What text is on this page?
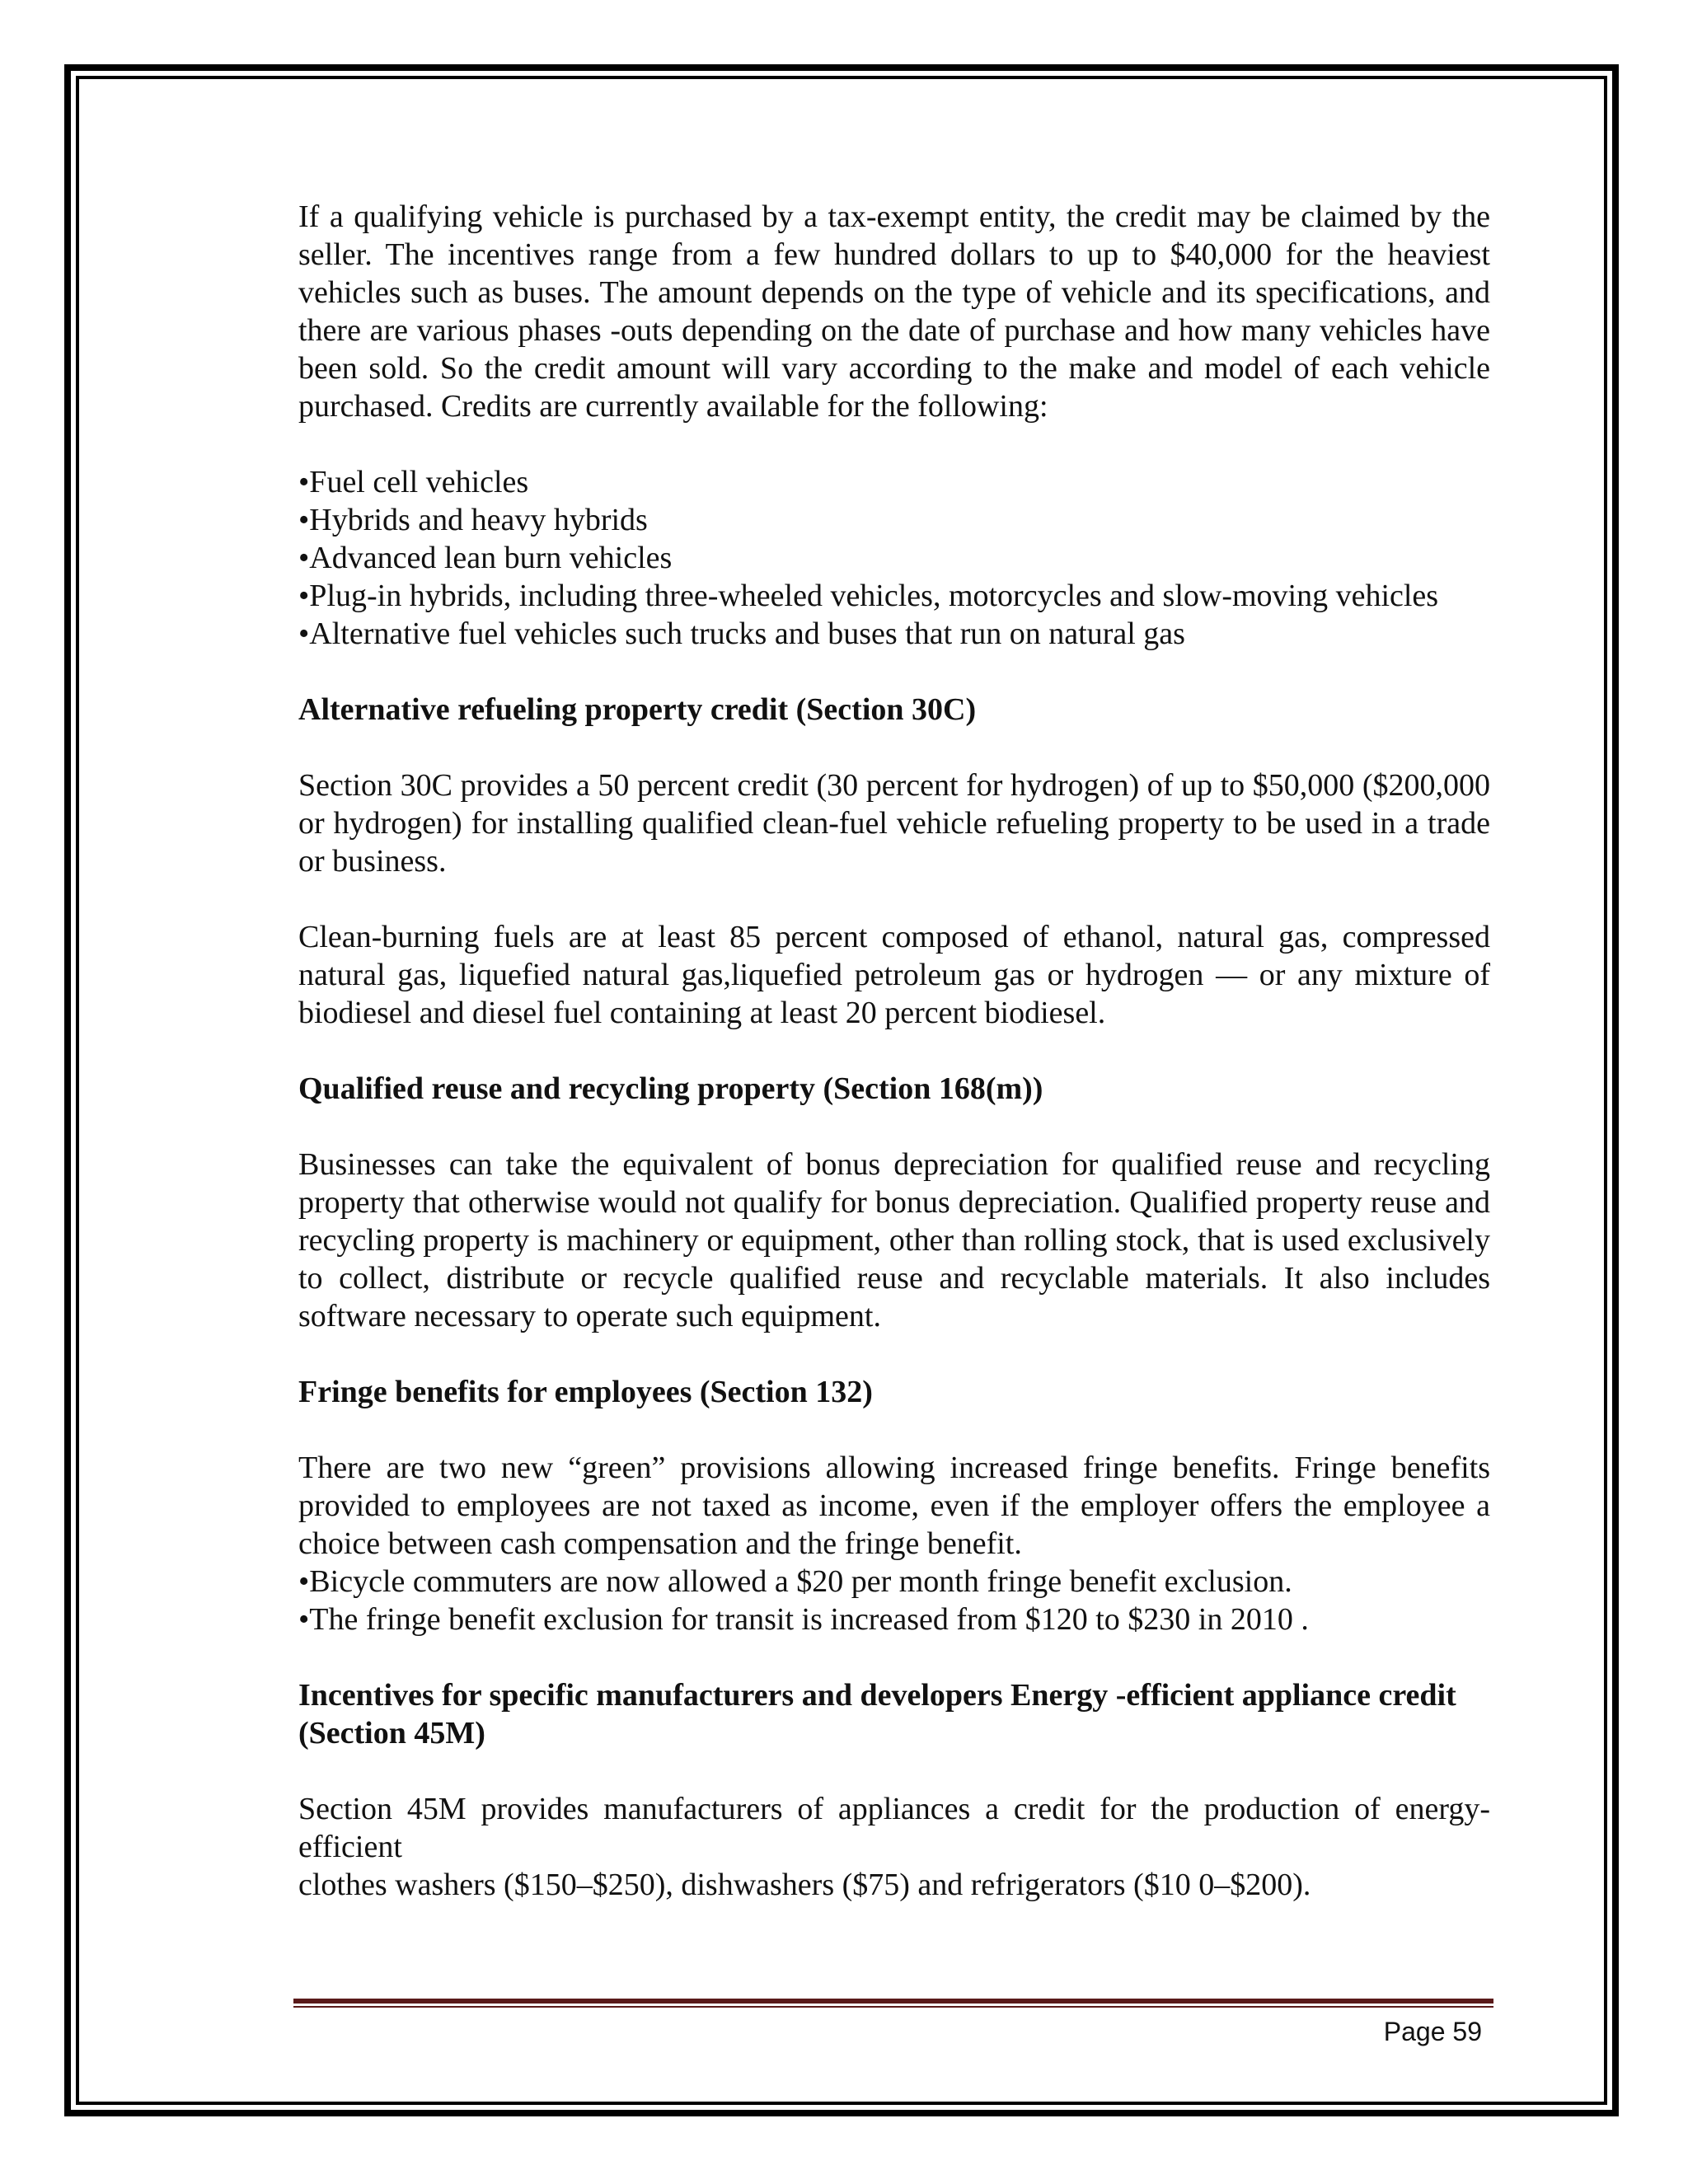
If a qualifying vehicle is purchased by a tax-exempt entity, the credit may be claimed by the seller. The incentives range from a few hundred dollars to up to $40,000 for the heaviest vehicles such as buses. The amount depends on the type of vehicle and its specifications, and there are various phases -outs depending on the date of purchase and how many vehicles have been sold. So the credit amount will vary according to the make and model of each vehicle purchased. Credits are currently available for the following:

•Fuel cell vehicles
•Hybrids and heavy hybrids
•Advanced lean burn vehicles
•Plug-in hybrids, including three-wheeled vehicles, motorcycles and slow-moving vehicles
•Alternative fuel vehicles such trucks and buses that run on natural gas

Alternative refueling property credit (Section 30C)

Section 30C provides a 50 percent credit (30 percent for hydrogen) of up to $50,000 ($200,000 or hydrogen) for installing qualified clean-fuel vehicle refueling property to be used in a trade or business.

Clean-burning fuels are at least 85 percent composed of ethanol, natural gas, compressed natural gas, liquefied natural gas,liquefied petroleum gas or hydrogen — or any mixture of biodiesel and diesel fuel containing at least 20 percent biodiesel.

Qualified reuse and recycling property (Section 168(m))

Businesses can take the equivalent of bonus depreciation for qualified reuse and recycling property that otherwise would not qualify for bonus depreciation. Qualified property reuse and recycling property is machinery or equipment, other than rolling stock, that is used exclusively to collect, distribute or recycle qualified reuse and recyclable materials. It also includes software necessary to operate such equipment.

Fringe benefits for employees (Section 132)

There are two new “green” provisions allowing increased fringe benefits. Fringe benefits provided to employees are not taxed as income, even if the employer offers the employee a choice between cash compensation and the fringe benefit.

•Bicycle commuters are now allowed a $20 per month fringe benefit exclusion.
•The fringe benefit exclusion for transit is increased from $120 to $230 in 2010 .

Incentives for specific manufacturers and developers Energy -efficient appliance credit (Section 45M)

Section 45M provides manufacturers of appliances a credit for the production of energy-efficient
clothes washers ($150–$250), dishwashers ($75) and refrigerators ($10 0–$200).

Page 59
